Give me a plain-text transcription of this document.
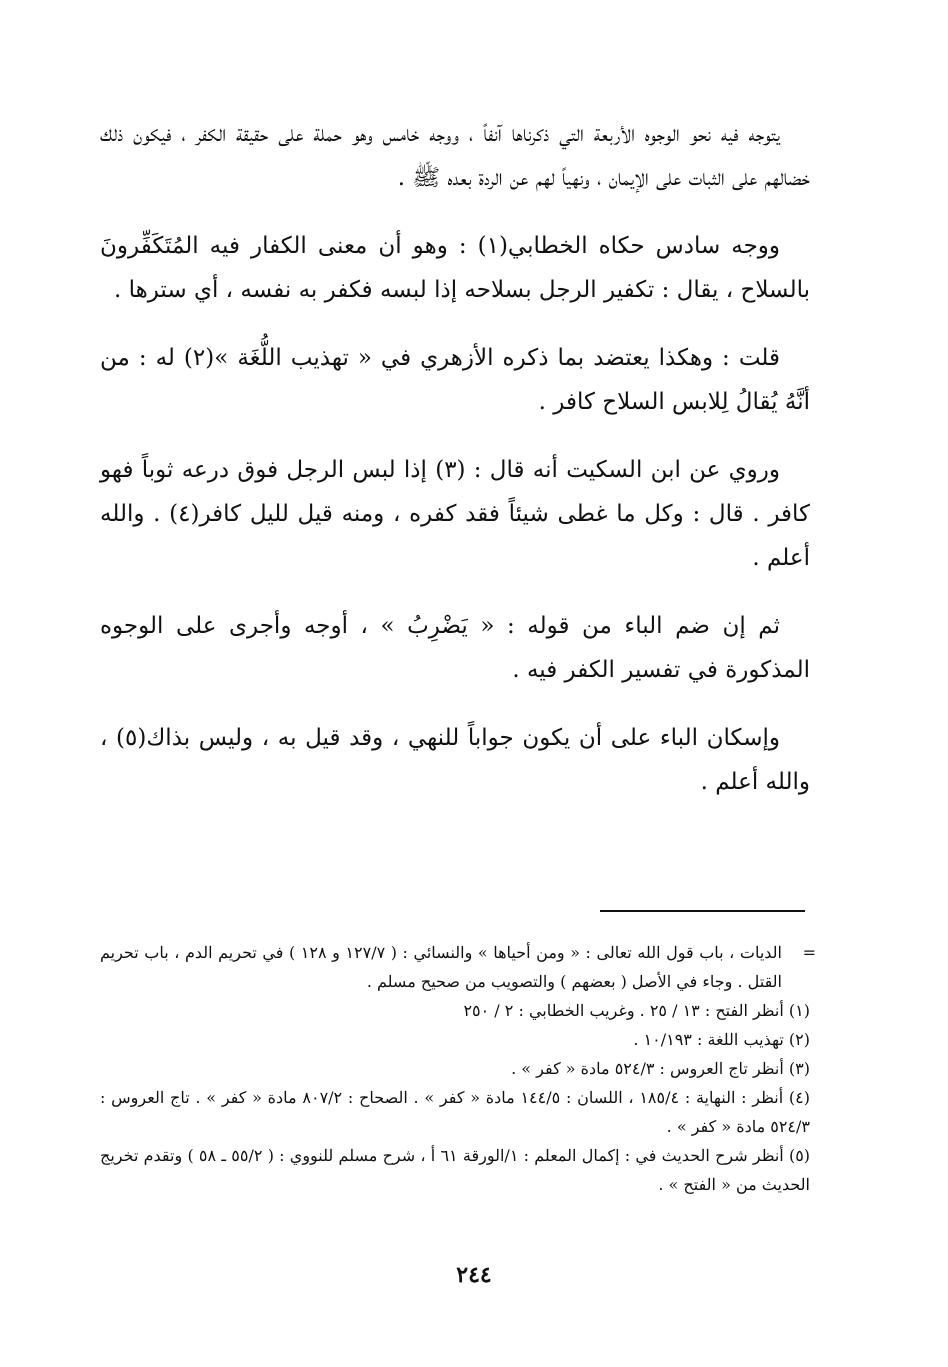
يتوجه فيه نحو الوجوه الأربعة التي ذكرناها آنفاً ، ووجه خامس وهو حملة على حقيقة الكفر ، فيكون ذلك خضالهم على الثبات على الإيمان ، ونهياً لهم عن الردة بعده ﷺ .

ووجه سادس حكاه الخطابي(١) : وهو أن معنى الكفار فيه المُتَكَفِّرونَ بالسلاح ، يقال : تكفير الرجل بسلاحه إذا لبسه فكفر به نفسه ، أي سترها .

قلت : وهكذا يعتضد بما ذكره الأزهري في « تهذيب اللُّغَة »(٢) له : من أنَّهُ يُقالُ لِلابس السلاح كافر .

وروي عن ابن السكيت أنه قال : (٣) إذا لبس الرجل فوق درعه ثوباً فهو كافر . قال : وكل ما غطى شيئاً فقد كفره ، ومنه قيل لليل كافر(٤) . والله أعلم .

ثم إن ضم الباء من قوله : « يَضْرِبُ » ، أوجه وأجرى على الوجوه المذكورة في تفسير الكفر فيه .

وإسكان الباء على أن يكون جواباً للنهي ، وقد قيل به ، وليس بذاك(٥) ، والله أعلم .

=
الديات ، باب قول الله تعالى : « ومن أحياها » والنسائي : ( ١٢٧/٧ و ١٢٨ ) في تحريم الدم ، باب تحريم القتل . وجاء في الأصل ( بعضهم ) والتصويب من صحيح مسلم .

(١) أنظر الفتح : ١٣ / ٢٥ . وغريب الخطابي : ٢ / ٢٥٠

(٢) تهذيب اللغة : ١٠/١٩٣ .

(٣) أنظر تاج العروس : ٥٢٤/٣ مادة « كفر » .

(٤) أنظر : النهاية : ١٨٥/٤ ، اللسان : ١٤٤/٥ مادة « كفر » . الصحاح : ٨٠٧/٢ مادة « كفر » . تاج العروس : ٥٢٤/٣ مادة « كفر » .

(٥) أنظر شرح الحديث في : إكمال المعلم : ١/الورقة ٦١ أ ، شرح مسلم للنووي : ( ٥٥/٢ ـ ٥٨ ) وتقدم تخريج الحديث من « الفتح » .

٢٤٤
